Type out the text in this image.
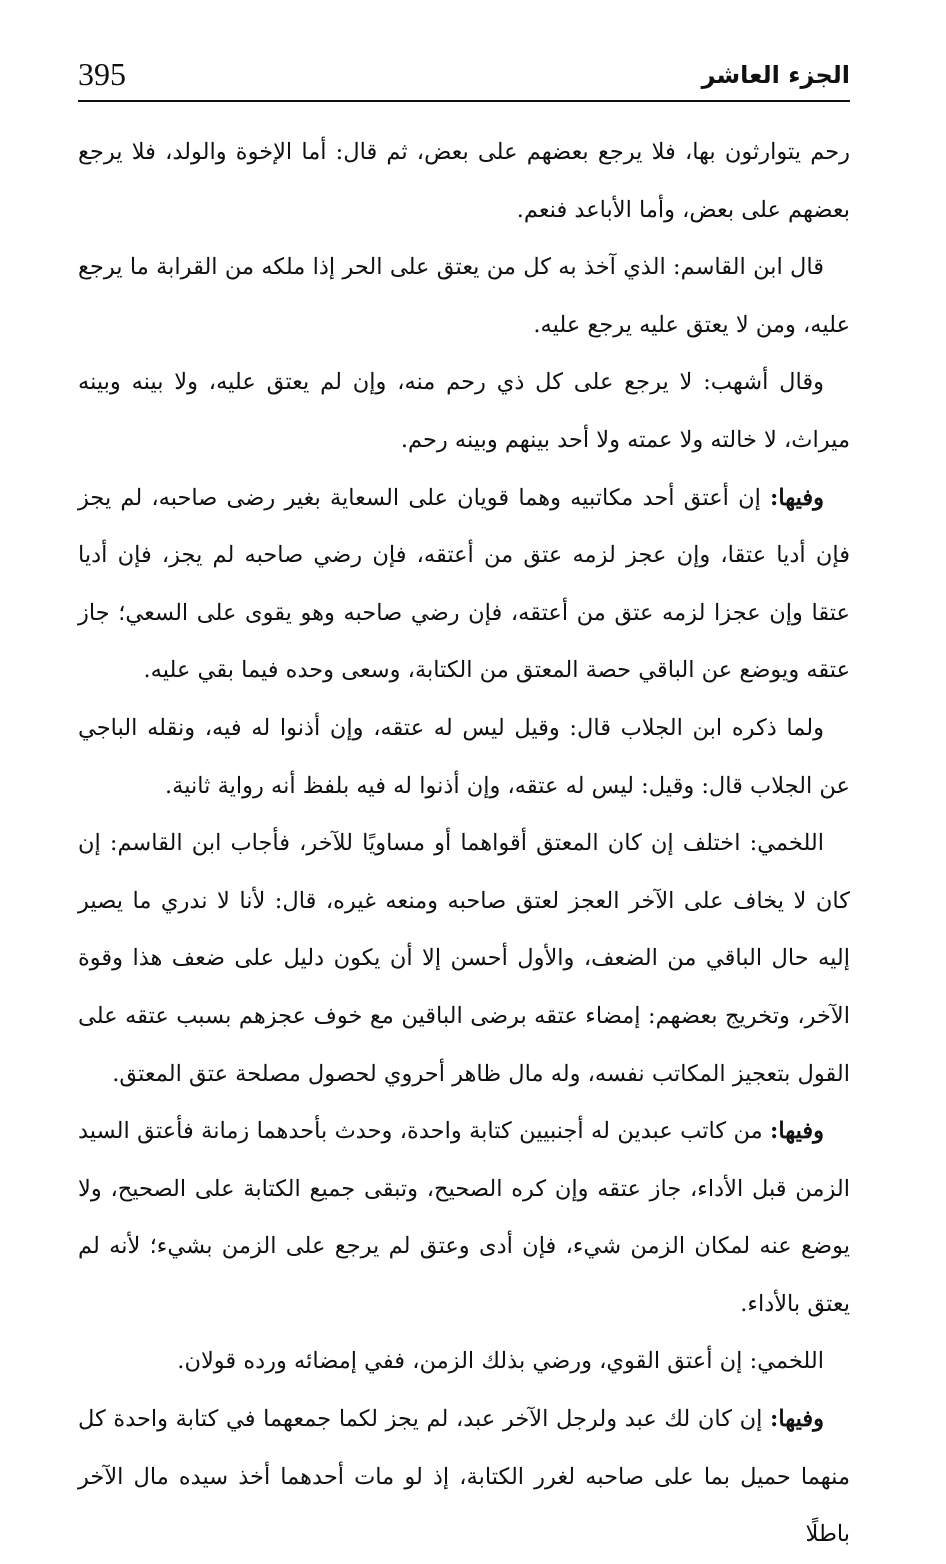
395	الجزء العاشر

رحم يتوارثون بها، فلا يرجع بعضهم على بعض، ثم قال: أما الإخوة والولد، فلا يرجع بعضهم على بعض، وأما الأباعد فنعم.

قال ابن القاسم: الذي آخذ به كل من يعتق على الحر إذا ملكه من القرابة ما يرجع عليه، ومن لا يعتق عليه يرجع عليه.

وقال أشهب: لا يرجع على كل ذي رحم منه، وإن لم يعتق عليه، ولا بينه وبينه ميراث، لا خالته ولا عمته ولا أحد بينهم وبينه رحم.

وفيها: إن أعتق أحد مكاتبيه وهما قويان على السعاية بغير رضى صاحبه، لم يجز فإن أديا عتقا، وإن عجز لزمه عتق من أعتقه، فإن رضي صاحبه لم يجز، فإن أديا عتقا وإن عجزا لزمه عتق من أعتقه، فإن رضي صاحبه وهو يقوى على السعي؛ جاز عتقه ويوضع عن الباقي حصة المعتق من الكتابة، وسعى وحده فيما بقي عليه.

ولما ذكره ابن الجلاب قال: وقيل ليس له عتقه، وإن أذنوا له فيه، ونقله الباجي عن الجلاب قال: وقيل: ليس له عتقه، وإن أذنوا له فيه بلفظ أنه رواية ثانية.

اللخمي: اختلف إن كان المعتق أقواهما أو مساويًا للآخر، فأجاب ابن القاسم: إن كان لا يخاف على الآخر العجز لعتق صاحبه ومنعه غيره، قال: لأنا لا ندري ما يصير إليه حال الباقي من الضعف، والأول أحسن إلا أن يكون دليل على ضعف هذا وقوة الآخر، وتخريج بعضهم: إمضاء عتقه برضى الباقين مع خوف عجزهم بسبب عتقه على القول بتعجيز المكاتب نفسه، وله مال ظاهر أحروي لحصول مصلحة عتق المعتق.

وفيها: من كاتب عبدين له أجنبيين كتابة واحدة، وحدث بأحدهما زمانة فأعتق السيد الزمن قبل الأداء، جاز عتقه وإن كره الصحيح، وتبقى جميع الكتابة على الصحيح، ولا يوضع عنه لمكان الزمن شيء، فإن أدى وعتق لم يرجع على الزمن بشيء؛ لأنه لم يعتق بالأداء.

اللخمي: إن أعتق القوي، ورضي بذلك الزمن، ففي إمضائه ورده قولان.

وفيها: إن كان لك عبد ولرجل الآخر عبد، لم يجز لكما جمعهما في كتابة واحدة كل منهما حميل بما على صاحبه لغرر الكتابة، إذ لو مات أحدهما أخذ سيده مال الآخر باطلًا
